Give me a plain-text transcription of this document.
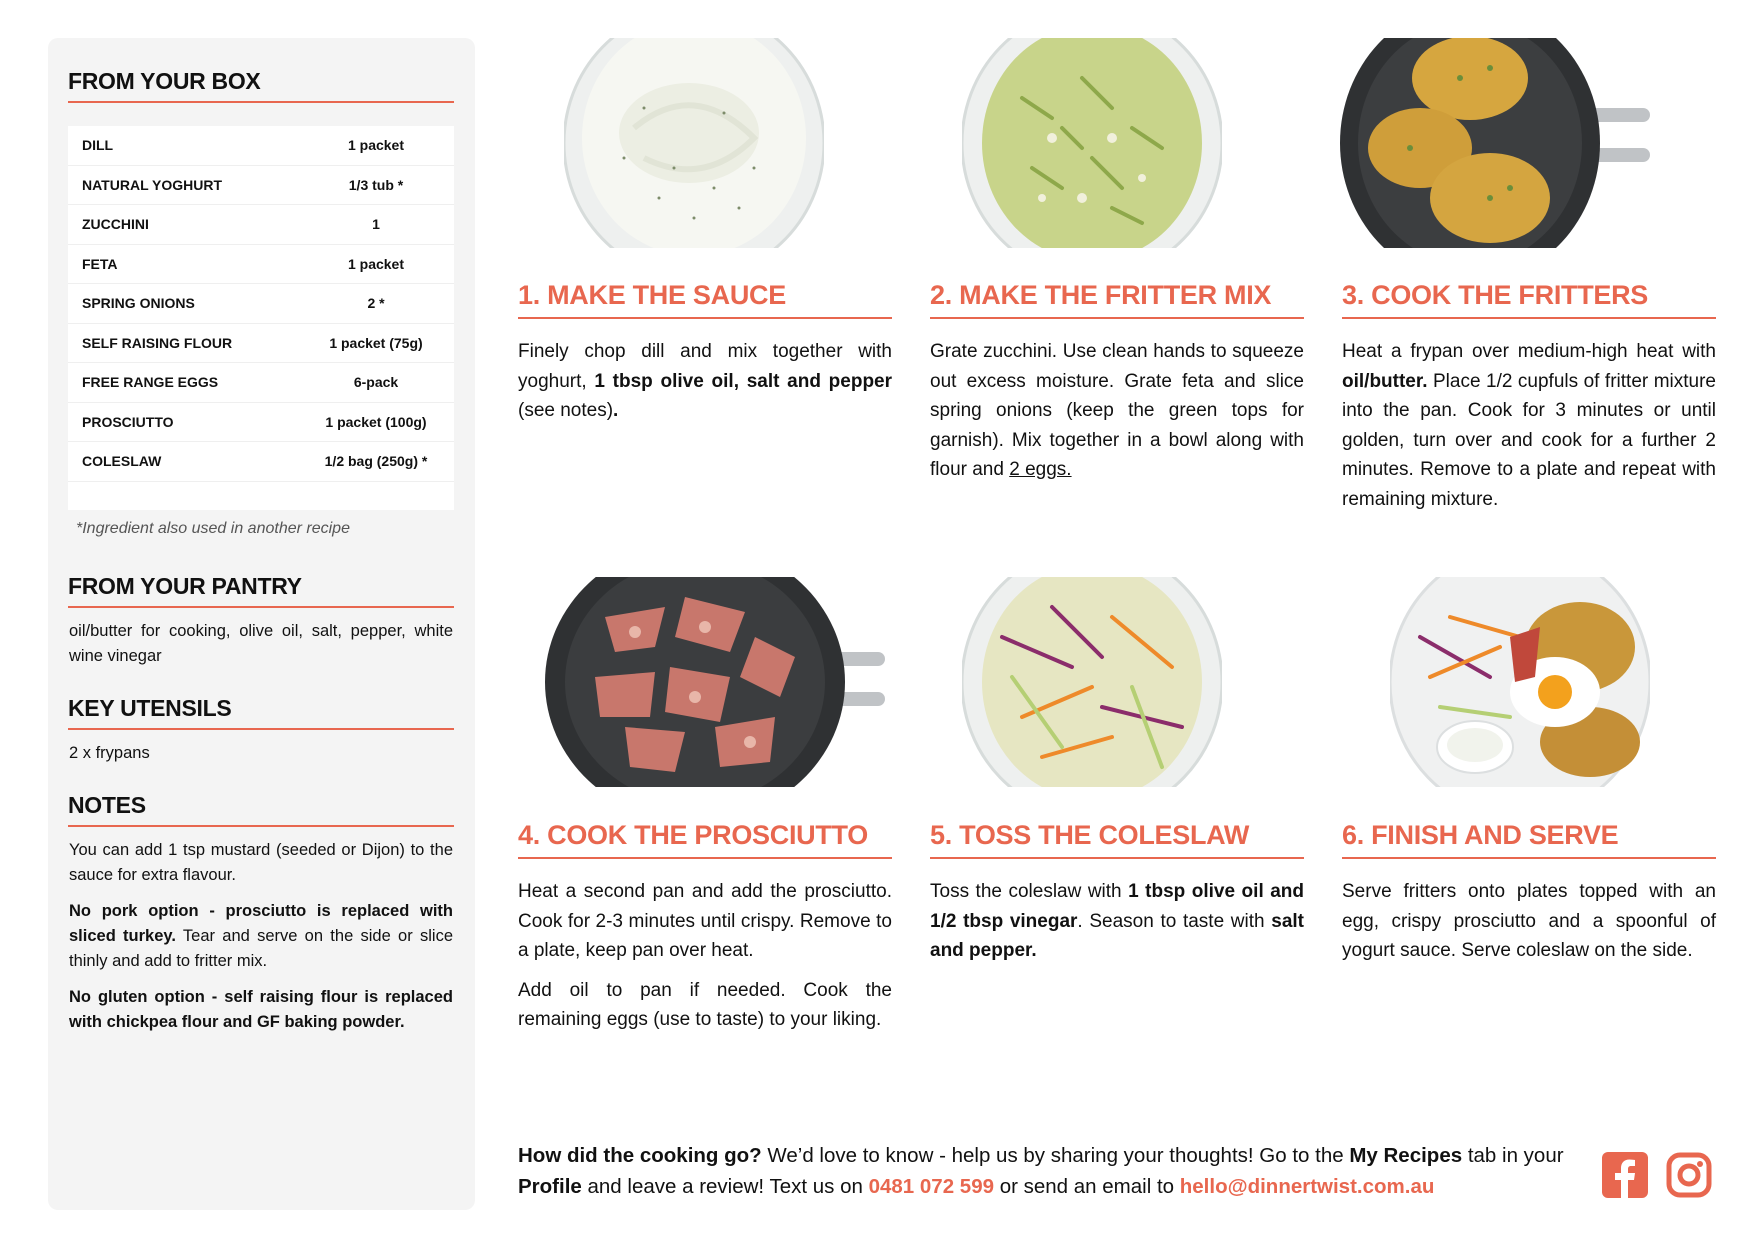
FROM YOUR BOX
DILL	1 packet
NATURAL YOGHURT	1/3 tub *
ZUCCHINI	1
FETA	1 packet
SPRING ONIONS	2 *
SELF RAISING FLOUR	1 packet (75g)
FREE RANGE EGGS	6-pack
PROSCIUTTO	1 packet (100g)
COLESLAW	1/2 bag (250g) *
*Ingredient also used in another recipe
FROM YOUR PANTRY
oil/butter for cooking, olive oil, salt, pepper, white wine vinegar
KEY UTENSILS
2 x frypans
NOTES

You can add 1 tsp mustard (seeded or Dijon) to the sauce for extra flavour.

No pork option - prosciutto is replaced with sliced turkey. Tear and serve on the side or slice thinly and add to fritter mix.

No gluten option - self raising flour is replaced with chickpea flour and GF baking powder.

1. MAKE THE SAUCE

Finely chop dill and mix together with yoghurt, 1 tbsp olive oil, salt and pepper (see notes).

2. MAKE THE FRITTER MIX

Grate zucchini. Use clean hands to squeeze out excess moisture. Grate feta and slice spring onions (keep the green tops for garnish). Mix together in a bowl along with flour and 2 eggs.

3. COOK THE FRITTERS

Heat a frypan over medium-high heat with oil/butter. Place 1/2 cupfuls of fritter mixture into the pan. Cook for 3 minutes or until golden, turn over and cook for a further 2 minutes. Remove to a plate and repeat with remaining mixture.

4. COOK THE PROSCIUTTO

Heat a second pan and add the prosciutto. Cook for 2-3 minutes until crispy. Remove to a plate, keep pan over heat.

Add oil to pan if needed. Cook the remaining eggs (use to taste) to your liking.

5. TOSS THE COLESLAW

Toss the coleslaw with 1 tbsp olive oil and 1/2 tbsp vinegar. Season to taste with salt and pepper.

6. FINISH AND SERVE

Serve fritters onto plates topped with an egg, crispy prosciutto and a spoonful of yogurt sauce. Serve coleslaw on the side.

How did the cooking go? We’d love to know - help us by sharing your thoughts! Go to the My Recipes tab in your Profile and leave a review! Text us on 0481 072 599 or send an email to hello@dinnertwist.com.au
